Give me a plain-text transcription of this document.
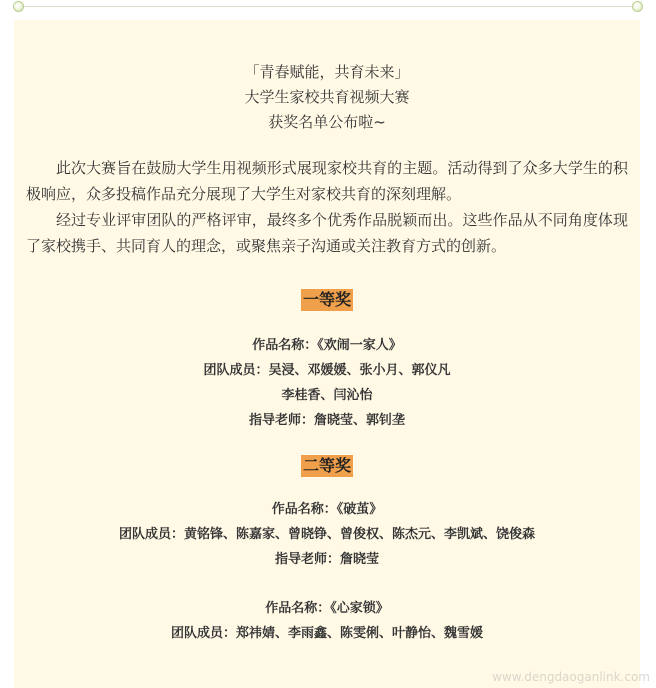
「青春赋能，共育未来」
大学生家校共育视频大赛
获奖名单公布啦~

此次大赛旨在鼓励大学生用视频形式展现家校共育的主题。活动得到了众多大学生的积极响应，众多投稿作品充分展现了大学生对家校共育的深刻理解。

经过专业评审团队的严格评审，最终多个优秀作品脱颖而出。这些作品从不同角度体现了家校携手、共同育人的理念，或聚焦亲子沟通或关注教育方式的创新。

一等奖
作品名称：《欢闹一家人》
团队成员：吴浸、邓媛媛、张小月、郭仪凡
李桂香、闫沁怡
指导老师：詹晓莹、郭钊垄
二等奖
作品名称：《破茧》
团队成员：黄铭锋、陈嘉家、曾晓铮、曾俊权、陈杰元、李凯斌、饶俊森
指导老师：詹晓莹
作品名称：《心家锁》
团队成员：郑祎婧、李雨鑫、陈雯俐、叶静怡、魏雪媛
www.dengdaoganlink.com
